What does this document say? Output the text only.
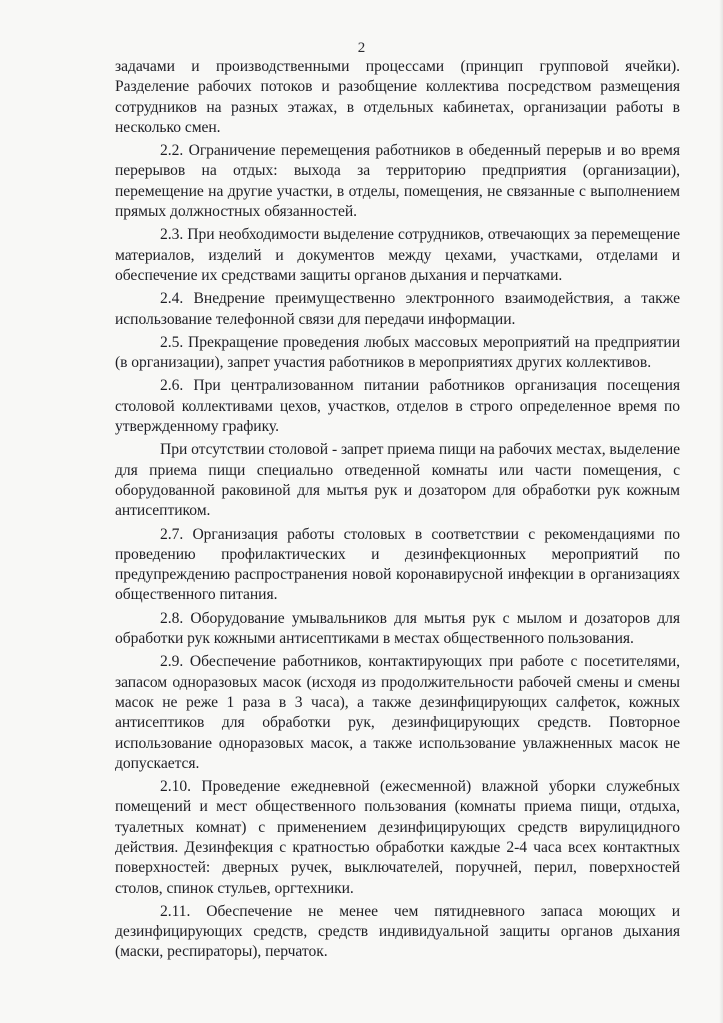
2

задачами и производственными процессами (принцип групповой ячейки). Разделение рабочих потоков и разобщение коллектива посредством размещения сотрудников на разных этажах, в отдельных кабинетах, организации работы в несколько смен.

2.2. Ограничение перемещения работников в обеденный перерыв и во время перерывов на отдых: выхода за территорию предприятия (организации), перемещение на другие участки, в отделы, помещения, не связанные с выполнением прямых должностных обязанностей.

2.3. При необходимости выделение сотрудников, отвечающих за перемещение материалов, изделий и документов между цехами, участками, отделами и обеспечение их средствами защиты органов дыхания и перчатками.

2.4. Внедрение преимущественно электронного взаимодействия, а также использование телефонной связи для передачи информации.

2.5. Прекращение проведения любых массовых мероприятий на предприятии (в организации), запрет участия работников в мероприятиях других коллективов.

2.6. При централизованном питании работников организация посещения столовой коллективами цехов, участков, отделов в строго определенное время по утвержденному графику.

При отсутствии столовой - запрет приема пищи на рабочих местах, выделение для приема пищи специально отведенной комнаты или части помещения, с оборудованной раковиной для мытья рук и дозатором для обработки рук кожным антисептиком.

2.7. Организация работы столовых в соответствии с рекомендациями по проведению профилактических и дезинфекционных мероприятий по предупреждению распространения новой коронавирусной инфекции в организациях общественного питания.

2.8. Оборудование умывальников для мытья рук с мылом и дозаторов для обработки рук кожными антисептиками в местах общественного пользования.

2.9. Обеспечение работников, контактирующих при работе с посетителями, запасом одноразовых масок (исходя из продолжительности рабочей смены и смены масок не реже 1 раза в 3 часа), а также дезинфицирующих салфеток, кожных антисептиков для обработки рук, дезинфицирующих средств. Повторное использование одноразовых масок, а также использование увлажненных масок не допускается.

2.10. Проведение ежедневной (ежесменной) влажной уборки служебных помещений и мест общественного пользования (комнаты приема пищи, отдыха, туалетных комнат) с применением дезинфицирующих средств вирулицидного действия. Дезинфекция с кратностью обработки каждые 2-4 часа всех контактных поверхностей: дверных ручек, выключателей, поручней, перил, поверхностей столов, спинок стульев, оргтехники.

2.11. Обеспечение не менее чем пятидневного запаса моющих и дезинфицирующих средств, средств индивидуальной защиты органов дыхания (маски, респираторы), перчаток.
